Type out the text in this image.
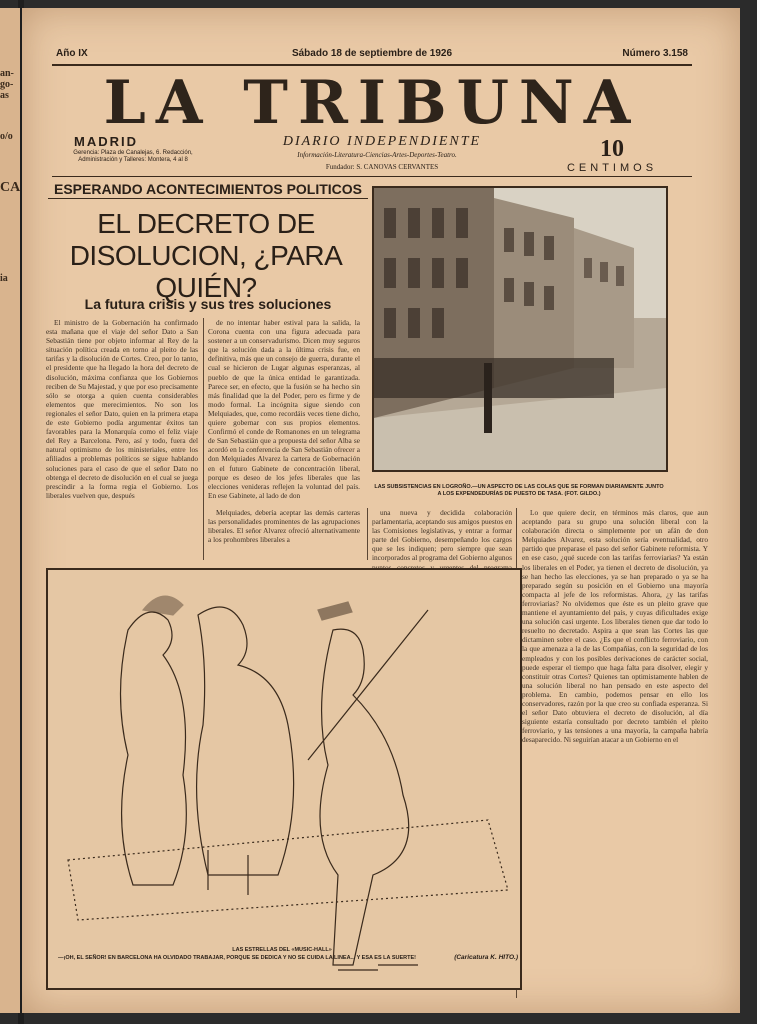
an-
go-
as
o/o
CA
ia
Año IX	Sábado 18 de septiembre de 1926	Número 3.158
LA TRIBUNA
MADRID
Gerencia: Plaza de Canalejas, 6. Redacción, Administración y Talleres: Montera, 4 al 8
DIARIO INDEPENDIENTE
Información-Literatura-Ciencias-Artes-Deportes-Teatro.
Fundador: S. CANOVAS CERVANTES
10
CENTIMOS
ESPERANDO ACONTECIMIENTOS POLITICOS
EL DECRETO DE DISOLUCION, ¿PARA QUIÉN?
La futura crisis y sus tres soluciones

El ministro de la Gobernación ha confirmado esta mañana que el viaje del señor Dato a San Sebastián tiene por objeto informar al Rey de la situación política creada en torno al pleito de las tarifas y la disolución de Cortes. Creo, por lo tanto, el presidente que ha llegado la hora del decreto de disolución, máxima confianza que los Gobiernos reciben de Su Majestad, y que por eso precisamente sólo se otorga a quien cuenta considerables elementos que merecimientos. No son los regionales el señor Dato, quien en la primera etapa de este Gobierno podía argumentar éxitos tan favorables para la Monarquía como el feliz viaje del Rey a Barcelona. Pero, así y todo, fuera del natural optimismo de los ministeriales, entre los afiliados a problemas políticos se sigue hablando soluciones para el caso de que el señor Dato no obtenga el decreto de disolución en el cual se juega prescindir a la forma regia el Gobierno. Los liberales vuelven que, después

de no intentar haber estival para la salida, la Corona cuenta con una figura adecuada para sostener a un conservadurismo. Dicen muy seguros que la solución dada a la última crisis fue, en definitiva, más que un consejo de guerra, durante el cual se hicieron de Lugar algunas esperanzas, al pueblo de que la única entidad le garantizada. Parece ser, en efecto, que la fusión se ha hecho sin más finalidad que la del Poder, pero es firme y de modo formal. La incógnita sigue siendo con Melquiades, que, como recordáis veces tiene dicho, quiere gobernar con sus propios elementos. Confirmó el conde de Romanones en un telegrama de San Sebastián que a propuesta del señor Alba se acordó en la conferencia de San Sebastián ofrecer a don Melquiades Alvarez la cartera de Gobernación en el futuro Gabinete de concentración liberal, porque es deseo de los jefes liberales que las elecciones venideras reflejen la voluntad del país. En ese Gabinete, al lado de don

LAS SUBSISTENCIAS EN LOGROÑO.—UN ASPECTO DE LAS COLAS QUE SE FORMAN DIARIAMENTE JUNTO A LOS EXPENDEDURÍAS DE PUESTO DE TASA. (FOT. GILDO.)

Melquiades, debería aceptar las demás carteras las personalidades prominentes de las agrupaciones liberales. El señor Alvarez ofreció alternativamente a los prohombres liberales a

una nueva y decidida colaboración parlamentaria, aceptando sus amigos puestos en las Comisiones legislativas, y entrar a formar parte del Gobierno, desempeñando los cargos que se les indiquen; pero siempre que sean incorporados al programa del Gobierno algunos

Lo que quiere decir, en términos más claros, que aun aceptando para su grupo una solución liberal con la colaboración directa o simplemente por un afán de don Melquiades Alvarez, esta solución sería eventualidad, otro partido que preparase el paso del señor Gabinete reformista. Y en ese caso, ¿qué sucede con las tarifas ferroviarias? Ya están los liberales en el Poder, ya tienen el decreto de disolución, ya se han hecho las elecciones, ya se han preparado o ya se ha preparado según su posición en el Gobierno una mayoría compacta al jefe de los reformistas. Ahora, ¿y las tarifas ferroviarias? No olvidemos que éste es un pleito grave que mantiene el ayuntamiento del país, y cuyas dificultades exige una solución casi urgente. Los liberales tienen que dar todo lo resuelto no decretado. Aspira a que sean las Cortes las que dictaminen sobre el caso. ¿Es que el conflicto ferroviario, con la que amenaza a la de las Compañías, con la seguridad de los empleados y con los posibles derivaciones de carácter social, puede esperar el tiempo que haga falta para disolver, elegir y constituir otras Cortes? Quienes tan optimistamente hablen de una solución liberal no han pensado en este aspecto del problema. En cambio, podemos pensar en ello los conservadores, razón por la que creo su confiada esperanza. Si el señor Dato obtuviera el decreto de disolución, al día siguiente estaría consultado por decreto también el pleito ferroviario, y las tensiones a una mayoría, la campaña habría desaparecido. Ni seguirían atacar a un Gobierno en el

LAS ESTRELLAS DEL «MUSIC-HALL»
—¡OH, EL SEÑOR! EN BARCELONA HA OLVIDADO TRABAJAR, PORQUE SE DEDICA Y NO SE CUIDA LA LINEA... Y ESA ES LA SUERTE!	(Caricatura K. HITO.)
